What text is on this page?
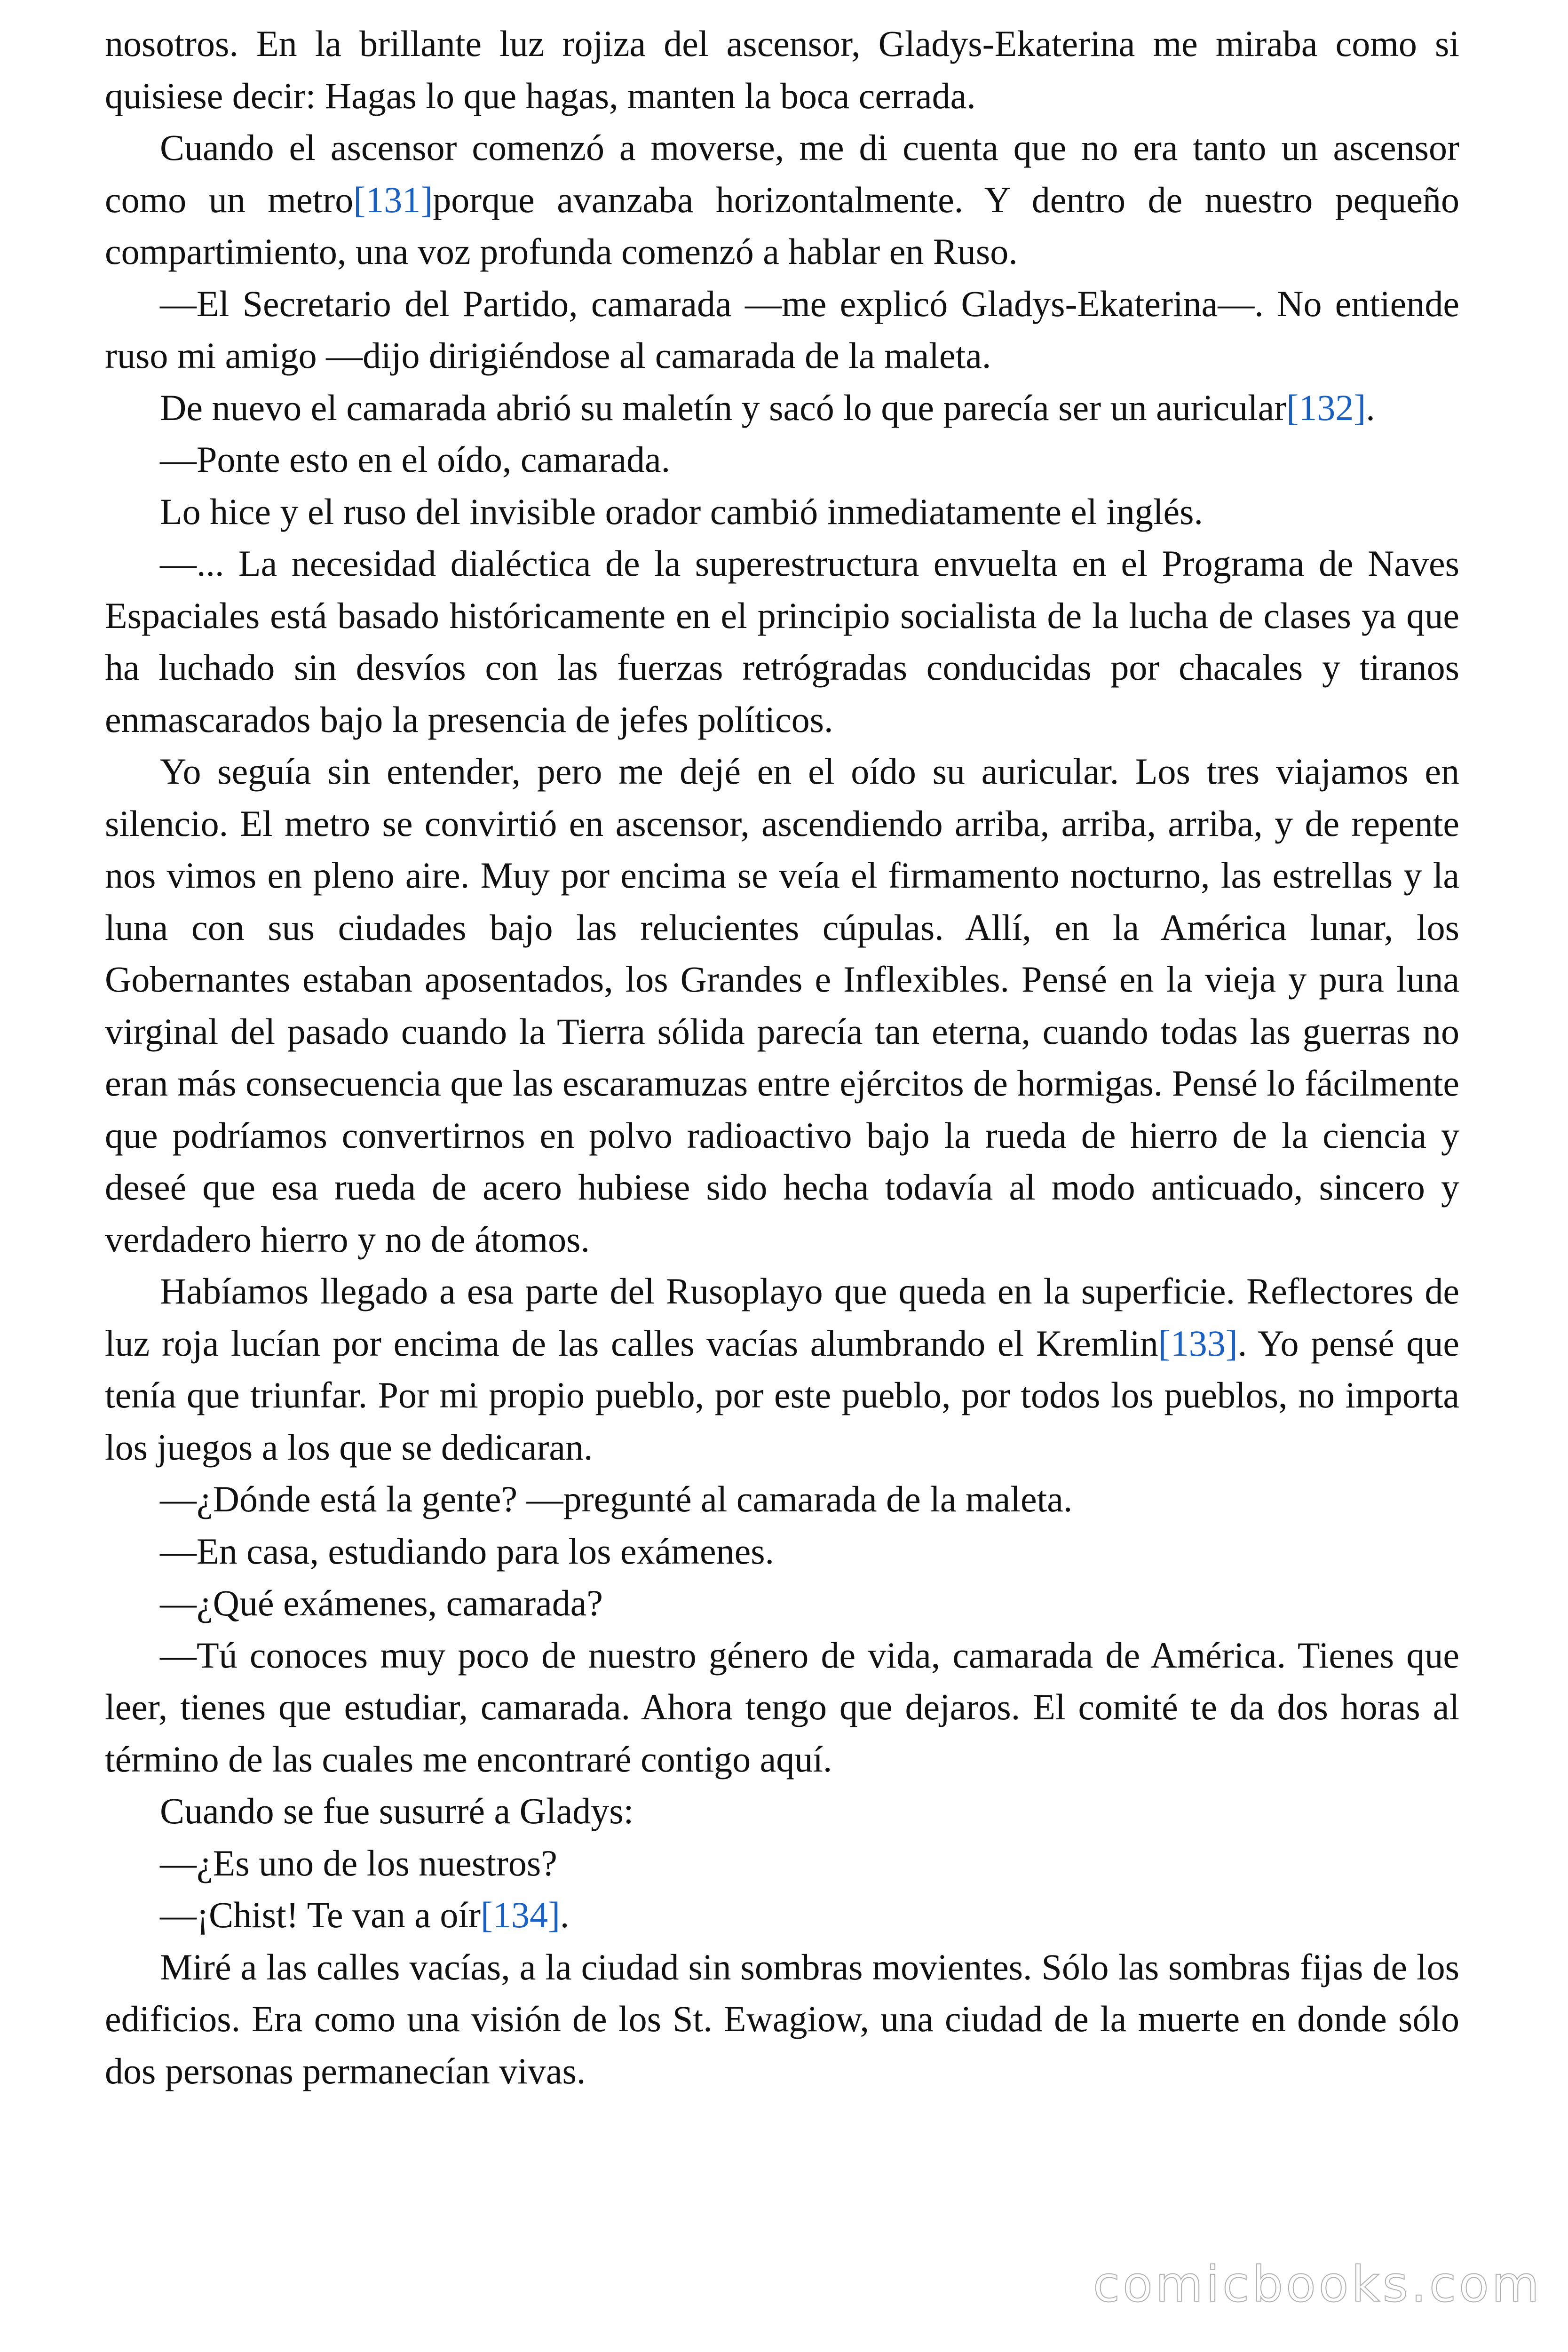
nosotros. En la brillante luz rojiza del ascensor, Gladys-Ekaterina me miraba como si quisiese decir: Hagas lo que hagas, manten la boca cerrada.

Cuando el ascensor comenzó a moverse, me di cuenta que no era tanto un ascensor como un metro[131]porque avanzaba horizontalmente. Y dentro de nuestro pequeño compartimiento, una voz profunda comenzó a hablar en Ruso.

—El Secretario del Partido, camarada —me explicó Gladys-Ekaterina—. No entiende ruso mi amigo —dijo dirigiéndose al camarada de la maleta.

De nuevo el camarada abrió su maletín y sacó lo que parecía ser un auricular[132].

—Ponte esto en el oído, camarada.

Lo hice y el ruso del invisible orador cambió inmediatamente el inglés.

—... La necesidad dialéctica de la superestructura envuelta en el Programa de Naves Espaciales está basado históricamente en el principio socialista de la lucha de clases ya que ha luchado sin desvíos con las fuerzas retrógradas conducidas por chacales y tiranos enmascarados bajo la presencia de jefes políticos.

Yo seguía sin entender, pero me dejé en el oído su auricular. Los tres viajamos en silencio. El metro se convirtió en ascensor, ascendiendo arriba, arriba, arriba, y de repente nos vimos en pleno aire. Muy por encima se veía el firmamento nocturno, las estrellas y la luna con sus ciudades bajo las relucientes cúpulas. Allí, en la América lunar, los Gobernantes estaban aposentados, los Grandes e Inflexibles. Pensé en la vieja y pura luna virginal del pasado cuando la Tierra sólida parecía tan eterna, cuando todas las guerras no eran más consecuencia que las escaramuzas entre ejércitos de hormigas. Pensé lo fácilmente que podríamos convertirnos en polvo radioactivo bajo la rueda de hierro de la ciencia y deseé que esa rueda de acero hubiese sido hecha todavía al modo anticuado, sincero y verdadero hierro y no de átomos.

Habíamos llegado a esa parte del Rusoplayo que queda en la superficie. Reflectores de luz roja lucían por encima de las calles vacías alumbrando el Kremlin[133]. Yo pensé que tenía que triunfar. Por mi propio pueblo, por este pueblo, por todos los pueblos, no importa los juegos a los que se dedicaran.

—¿Dónde está la gente? —pregunté al camarada de la maleta.

—En casa, estudiando para los exámenes.

—¿Qué exámenes, camarada?

—Tú conoces muy poco de nuestro género de vida, camarada de América. Tienes que leer, tienes que estudiar, camarada. Ahora tengo que dejaros. El comité te da dos horas al término de las cuales me encontraré contigo aquí.

Cuando se fue susurré a Gladys:

—¿Es uno de los nuestros?

—¡Chist! Te van a oír[134].

Miré a las calles vacías, a la ciudad sin sombras movientes. Sólo las sombras fijas de los edificios. Era como una visión de los St. Ewagiow, una ciudad de la muerte en donde sólo dos personas permanecían vivas.

comicbooks.com
